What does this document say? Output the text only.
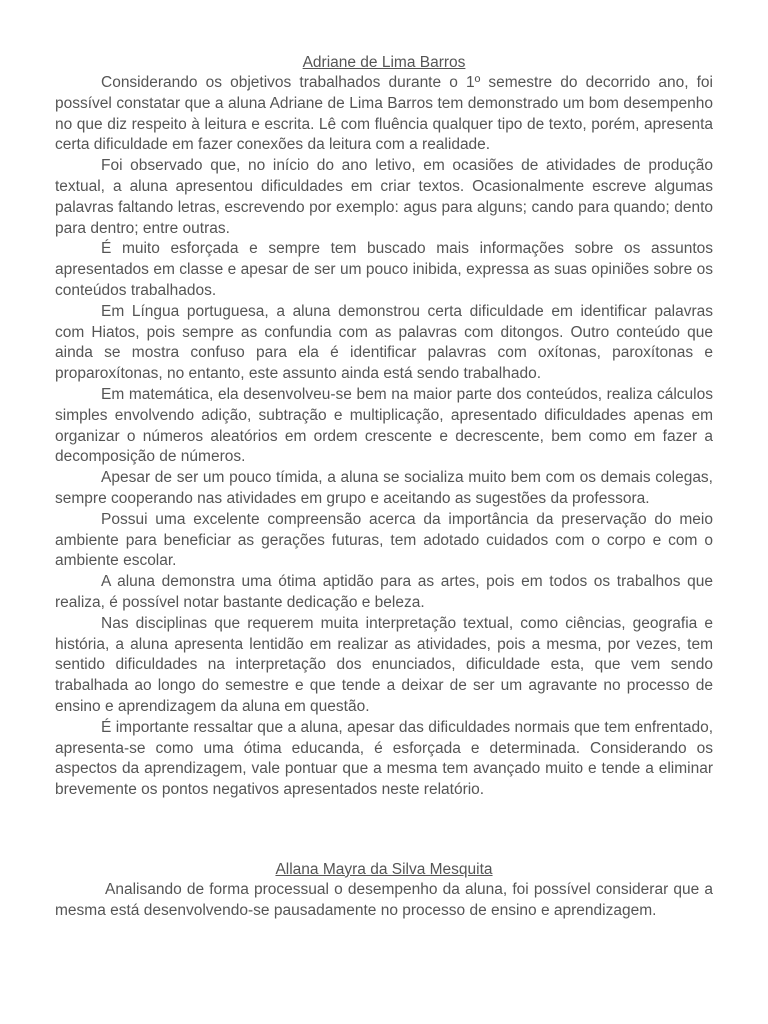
Adriane de Lima Barros

Considerando os objetivos trabalhados durante o 1º semestre do decorrido ano, foi possível constatar que a aluna Adriane de Lima Barros tem demonstrado um bom desempenho no que diz respeito à leitura e escrita. Lê com fluência qualquer tipo de texto, porém, apresenta certa dificuldade em fazer conexões da leitura com a realidade.

Foi observado que, no início do ano letivo, em ocasiões de atividades de produção textual, a aluna apresentou dificuldades em criar textos. Ocasionalmente escreve algumas palavras faltando letras, escrevendo por exemplo: agus para alguns; cando para quando; dento para dentro; entre outras.

É muito esforçada e sempre tem buscado mais informações sobre os assuntos apresentados em classe e apesar de ser um pouco inibida, expressa as suas opiniões sobre os conteúdos trabalhados.

Em Língua portuguesa, a aluna demonstrou certa dificuldade em identificar palavras com Hiatos, pois sempre as confundia com as palavras com ditongos. Outro conteúdo que ainda se mostra confuso para ela é identificar palavras com oxítonas, paroxítonas e proparoxítonas, no entanto, este assunto ainda está sendo trabalhado.

Em matemática, ela desenvolveu-se bem na maior parte dos conteúdos, realiza cálculos simples envolvendo adição, subtração e multiplicação, apresentado dificuldades apenas em organizar o números aleatórios em ordem crescente e decrescente, bem como em fazer a decomposição de números.

Apesar de ser um pouco tímida, a aluna se socializa muito bem com os demais colegas, sempre cooperando nas atividades em grupo e aceitando as sugestões da professora.

Possui uma excelente compreensão acerca da importância da preservação do meio ambiente para beneficiar as gerações futuras, tem adotado cuidados com o corpo e com o ambiente escolar.

A aluna demonstra uma ótima aptidão para as artes, pois em todos os trabalhos que realiza, é possível notar bastante dedicação e beleza.

Nas disciplinas que requerem muita interpretação textual, como ciências, geografia e história, a aluna apresenta lentidão em realizar as atividades, pois a mesma, por vezes, tem sentido dificuldades na interpretação dos enunciados, dificuldade esta, que vem sendo trabalhada ao longo do semestre e que tende a deixar de ser um agravante no processo de ensino e aprendizagem da aluna em questão.

É importante ressaltar que a aluna, apesar das dificuldades normais que tem enfrentado, apresenta-se como uma ótima educanda, é esforçada e determinada. Considerando os aspectos da aprendizagem, vale pontuar que a mesma tem avançado muito e tende a eliminar brevemente os pontos negativos apresentados neste relatório.

Allana Mayra da Silva Mesquita

Analisando de forma processual o desempenho da aluna, foi possível considerar que a mesma está desenvolvendo-se pausadamente no processo de ensino e aprendizagem.
